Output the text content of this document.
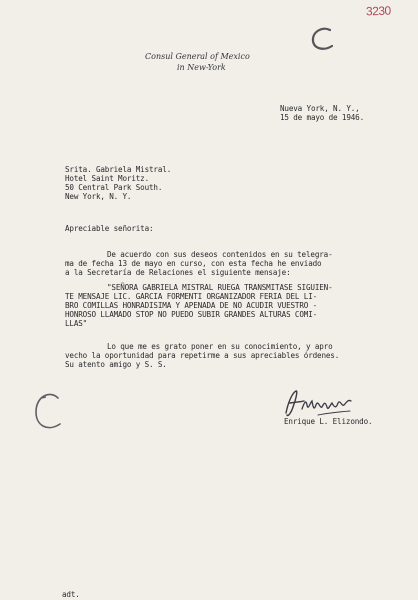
3230
Consul General of Mexico
in New-York
Nueva York, N. Y.,
15 de mayo de 1946.
Srita. Gabriela Mistral.
Hotel Saint Moritz.
50 Central Park South.
New York, N. Y.
Apreciable señorita:
De acuerdo con sus deseos contenidos en su telegra-
ma de fecha 13 de mayo en curso, con esta fecha he enviado
a la Secretaría de Relaciones el siguiente mensaje:
"SEÑORA GABRIELA MISTRAL RUEGA TRANSMITASE SIGUIEN-
TE MENSAJE LIC. GARCIA FORMENTI ORGANIZADOR FERIA DEL LI-
BRO COMILLAS HONRADISIMA Y APENADA DE NO ACUDIR VUESTRO -
HONROSO LLAMADO STOP NO PUEDO SUBIR GRANDES ALTURAS COMI-
LLAS"
Lo que me es grato poner en su conocimiento, y apro
vecho la oportunidad para repetirme a sus apreciables órdenes.
Su atento amigo y S. S.
Enrique L. Elizondo.
adt.
